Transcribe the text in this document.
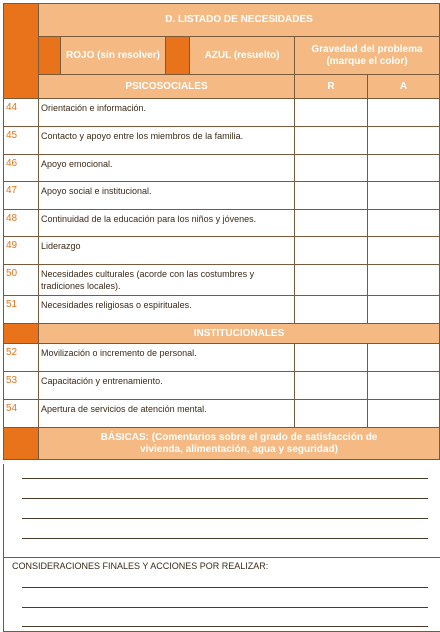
	D. LISTADO DE NECESIDADES					
		ROJO (sin resolver)		AZUL (resuelto)	Gravedad del problema (marque el color)	
	PSICOSOCIALES				R	A

44	Orientación e información.					

45	Contacto y apoyo entre los miembros de la familia.					

46	Apoyo emocional.					

47	Apoyo social e institucional.					

48	Continuidad de la educación para los niños y jóvenes.					

49	Liderazgo					

50	Necesidades culturales (acorde con las costumbres y tradiciones locales).					

51	Necesidades religiosas o espirituales.					
	INSTITUCIONALES					

52	Movilización o incremento de personal.					

53	Capacitación y entrenamiento.					

54	Apertura de servicios de atención mental.					
	BÁSICAS: (Comentarios sobre el grado de satisfacción de vivienda, alimentación, agua y seguridad)					
CONSIDERACIONES FINALES Y ACCIONES POR REALIZAR:
